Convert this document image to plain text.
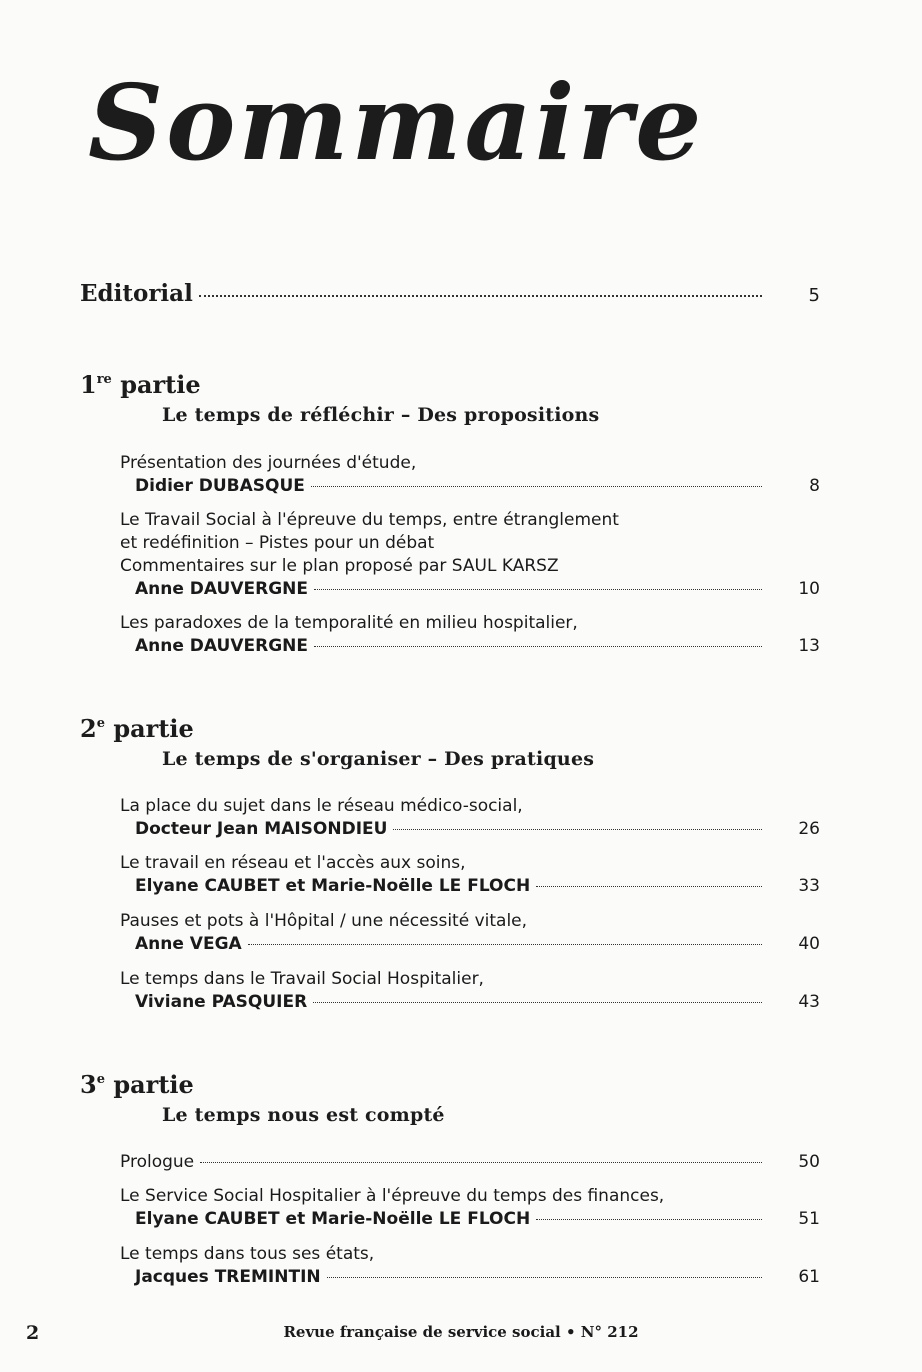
Sommaire
Editorial	5
1re partie
Le temps de réfléchir – Des propositions
Présentation des journées d'étude,
Didier DUBASQUE	8
Le Travail Social à l'épreuve du temps, entre étranglement
et redéfinition – Pistes pour un débat
Commentaires sur le plan proposé par SAUL KARSZ
Anne DAUVERGNE	10
Les paradoxes de la temporalité en milieu hospitalier,
Anne DAUVERGNE	13
2e partie
Le temps de s'organiser – Des pratiques
La place du sujet dans le réseau médico-social,
Docteur Jean MAISONDIEU	26
Le travail en réseau et l'accès aux soins,
Elyane CAUBET et Marie-Noëlle LE FLOCH	33
Pauses et pots à l'Hôpital / une nécessité vitale,
Anne VEGA	40
Le temps dans le Travail Social Hospitalier,
Viviane PASQUIER	43
3e partie
Le temps nous est compté
Prologue	50
Le Service Social Hospitalier à l'épreuve du temps des finances,
Elyane CAUBET et Marie-Noëlle LE FLOCH	51
Le temps dans tous ses états,
Jacques TREMINTIN	61
2	Revue française de service social • N° 212
